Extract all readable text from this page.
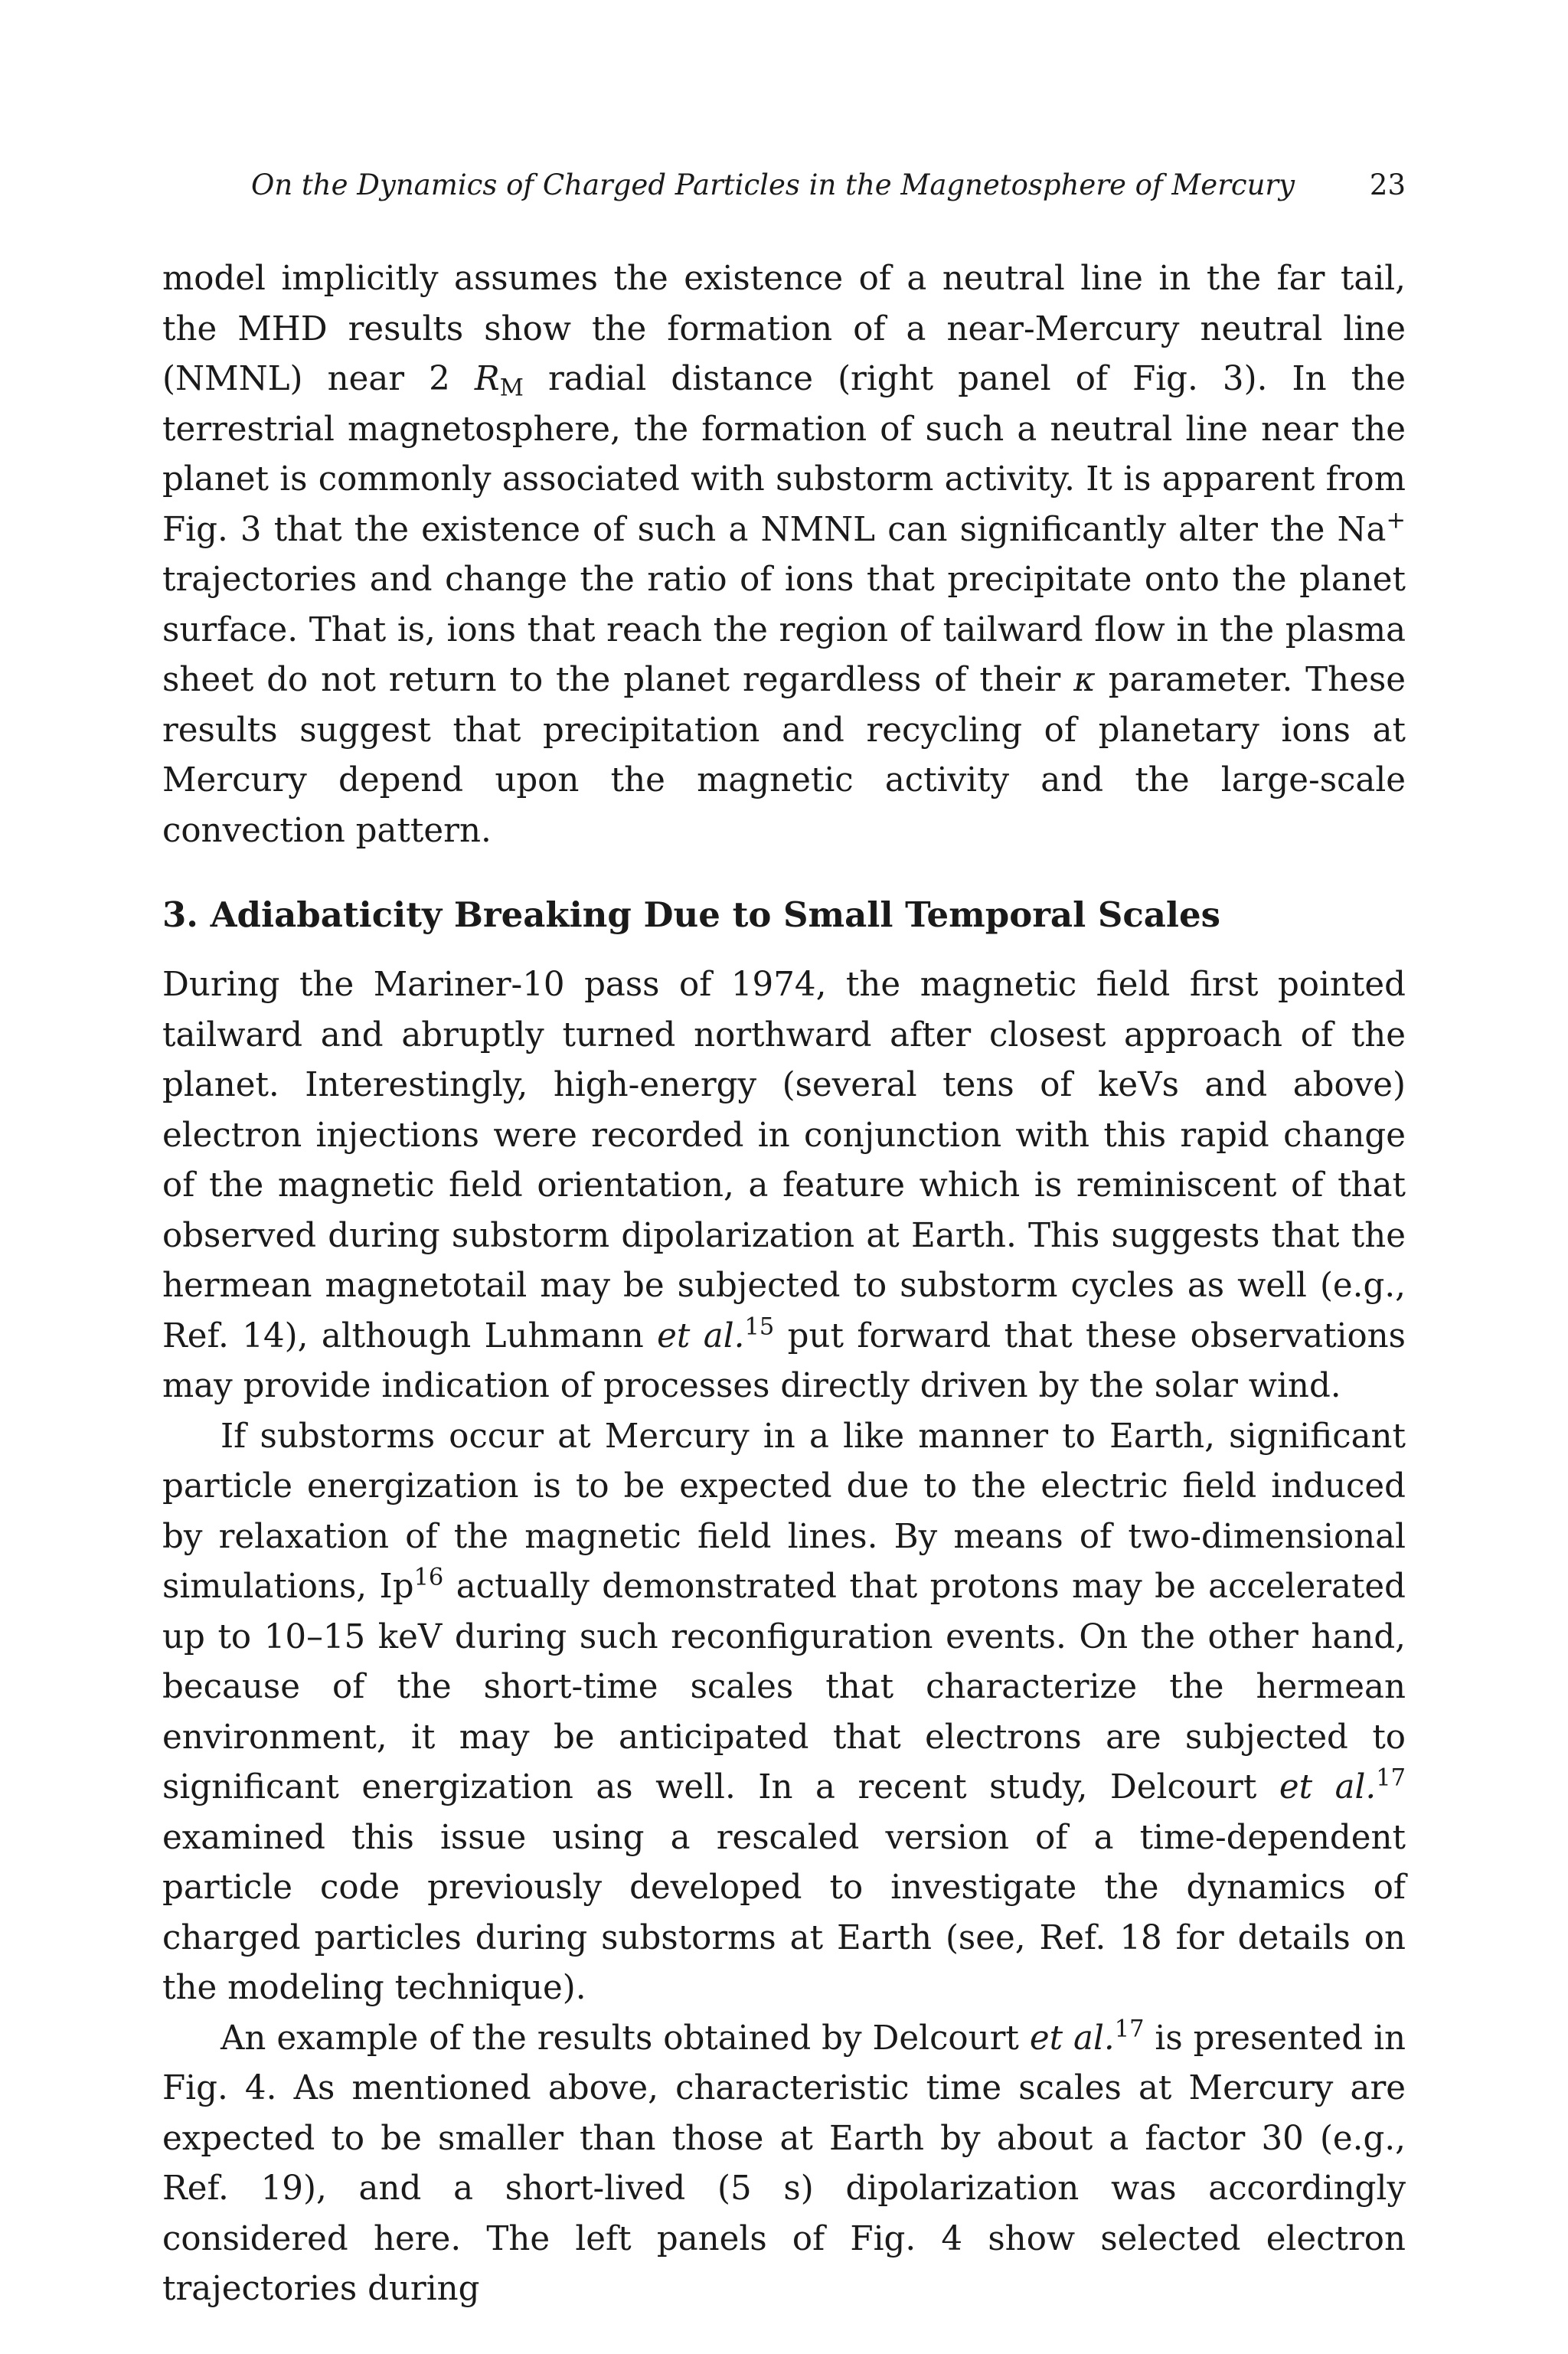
On the Dynamics of Charged Particles in the Magnetosphere of Mercury	23

model implicitly assumes the existence of a neutral line in the far tail, the MHD results show the formation of a near-Mercury neutral line (NMNL) near 2 $R_M$ radial distance (right panel of Fig. 3). In the terrestrial magnetosphere, the formation of such a neutral line near the planet is commonly associated with substorm activity. It is apparent from Fig. 3 that the existence of such a NMNL can significantly alter the Na+ trajectories and change the ratio of ions that precipitate onto the planet surface. That is, ions that reach the region of tailward flow in the plasma sheet do not return to the planet regardless of their κ parameter. These results suggest that precipitation and recycling of planetary ions at Mercury depend upon the magnetic activity and the large-scale convection pattern.

3. Adiabaticity Breaking Due to Small Temporal Scales

During the Mariner-10 pass of 1974, the magnetic field first pointed tailward and abruptly turned northward after closest approach of the planet. Interestingly, high-energy (several tens of keVs and above) electron injections were recorded in conjunction with this rapid change of the magnetic field orientation, a feature which is reminiscent of that observed during substorm dipolarization at Earth. This suggests that the hermean magnetotail may be subjected to substorm cycles as well (e.g., Ref. 14), although Luhmann et al.$^{15}$ put forward that these observations may provide indication of processes directly driven by the solar wind.

If substorms occur at Mercury in a like manner to Earth, significant particle energization is to be expected due to the electric field induced by relaxation of the magnetic field lines. By means of two-dimensional simulations, Ip$^{16}$ actually demonstrated that protons may be accelerated up to 10–15 keV during such reconfiguration events. On the other hand, because of the short-time scales that characterize the hermean environment, it may be anticipated that electrons are subjected to significant energization as well. In a recent study, Delcourt et al.$^{17}$ examined this issue using a rescaled version of a time-dependent particle code previously developed to investigate the dynamics of charged particles during substorms at Earth (see, Ref. 18 for details on the modeling technique).

An example of the results obtained by Delcourt et al.$^{17}$ is presented in Fig. 4. As mentioned above, characteristic time scales at Mercury are expected to be smaller than those at Earth by about a factor 30 (e.g., Ref. 19), and a short-lived (5 s) dipolarization was accordingly considered here. The left panels of Fig. 4 show selected electron trajectories during
